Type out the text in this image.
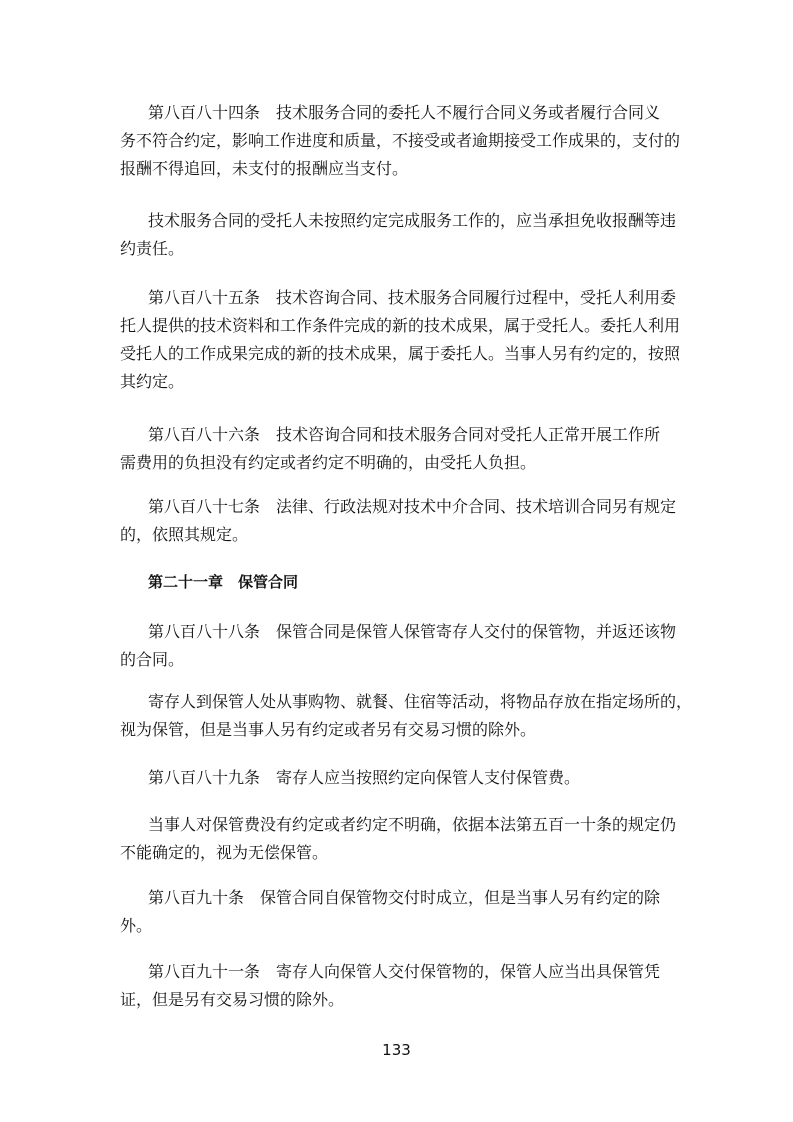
第八百八十四条　技术服务合同的委托人不履行合同义务或者履行合同义
务不符合约定，影响工作进度和质量，不接受或者逾期接受工作成果的，支付的
报酬不得追回，未支付的报酬应当支付。
技术服务合同的受托人未按照约定完成服务工作的，应当承担免收报酬等违
约责任。
第八百八十五条　技术咨询合同、技术服务合同履行过程中，受托人利用委
托人提供的技术资料和工作条件完成的新的技术成果，属于受托人。委托人利用
受托人的工作成果完成的新的技术成果，属于委托人。当事人另有约定的，按照
其约定。
第八百八十六条　技术咨询合同和技术服务合同对受托人正常开展工作所
需费用的负担没有约定或者约定不明确的，由受托人负担。
第八百八十七条　法律、行政法规对技术中介合同、技术培训合同另有规定
的，依照其规定。
第二十一章　保管合同
第八百八十八条　保管合同是保管人保管寄存人交付的保管物，并返还该物
的合同。
寄存人到保管人处从事购物、就餐、住宿等活动，将物品存放在指定场所的，
视为保管，但是当事人另有约定或者另有交易习惯的除外。
第八百八十九条　寄存人应当按照约定向保管人支付保管费。
当事人对保管费没有约定或者约定不明确，依据本法第五百一十条的规定仍
不能确定的，视为无偿保管。
第八百九十条　保管合同自保管物交付时成立，但是当事人另有约定的除
外。
第八百九十一条　寄存人向保管人交付保管物的，保管人应当出具保管凭
证，但是另有交易习惯的除外。
133
